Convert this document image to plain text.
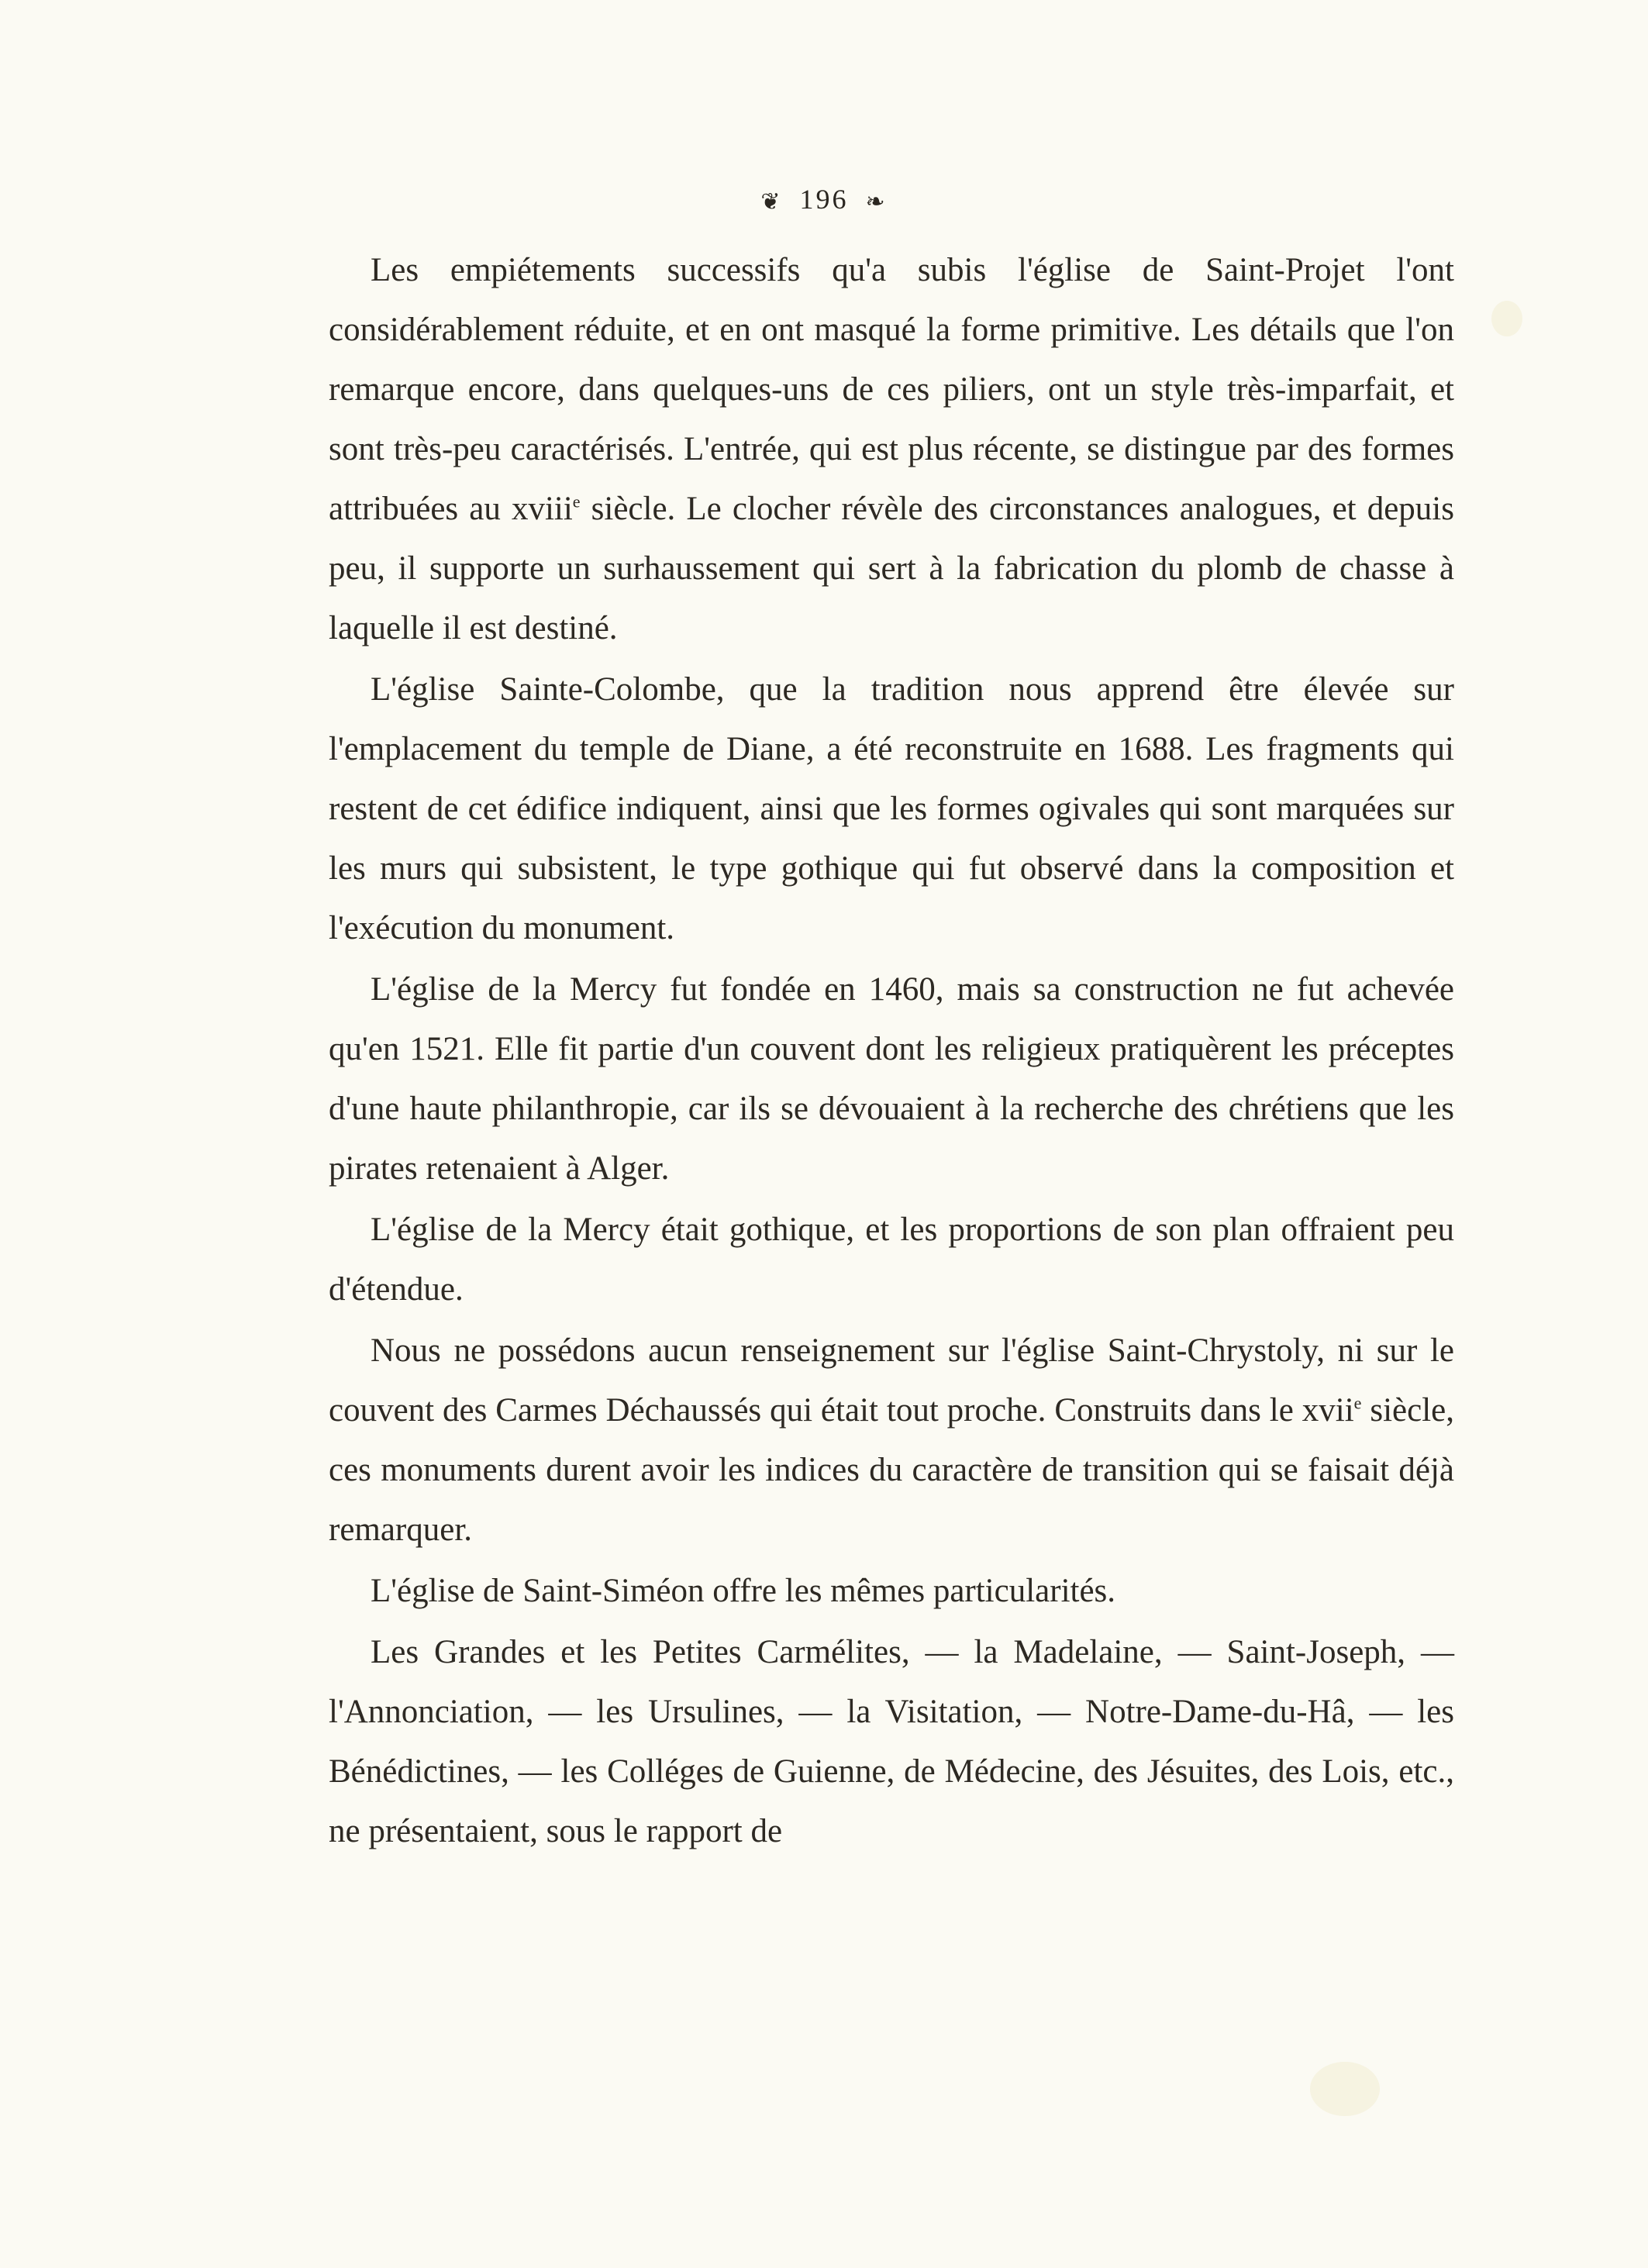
❦ 196 ❧

Les empiétements successifs qu'a subis l'église de Saint-Projet l'ont considérablement réduite, et en ont masqué la forme primitive. Les détails que l'on remarque encore, dans quelques-uns de ces piliers, ont un style très-imparfait, et sont très-peu caractérisés. L'entrée, qui est plus récente, se distingue par des formes attribuées au xviii$^e$ siècle. Le clocher révèle des circonstances analogues, et depuis peu, il supporte un surhaussement qui sert à la fabrication du plomb de chasse à laquelle il est destiné.

L'église Sainte-Colombe, que la tradition nous apprend être élevée sur l'emplacement du temple de Diane, a été reconstruite en 1688. Les fragments qui restent de cet édifice indiquent, ainsi que les formes ogivales qui sont marquées sur les murs qui subsistent, le type gothique qui fut observé dans la composition et l'exécution du monument.

L'église de la Mercy fut fondée en 1460, mais sa construction ne fut achevée qu'en 1521. Elle fit partie d'un couvent dont les religieux pratiquèrent les préceptes d'une haute philanthropie, car ils se dévouaient à la recherche des chrétiens que les pirates retenaient à Alger.

L'église de la Mercy était gothique, et les proportions de son plan offraient peu d'étendue.

Nous ne possédons aucun renseignement sur l'église Saint-Chrystoly, ni sur le couvent des Carmes Déchaussés qui était tout proche. Construits dans le xvii$^e$ siècle, ces monuments durent avoir les indices du caractère de transition qui se faisait déjà remarquer.

L'église de Saint-Siméon offre les mêmes particularités.

Les Grandes et les Petites Carmélites, — la Madelaine, — Saint-Joseph, — l'Annonciation, — les Ursulines, — la Visitation, — Notre-Dame-du-Hâ, — les Bénédictines, — les Colléges de Guienne, de Médecine, des Jésuites, des Lois, etc., ne présentaient, sous le rapport de
